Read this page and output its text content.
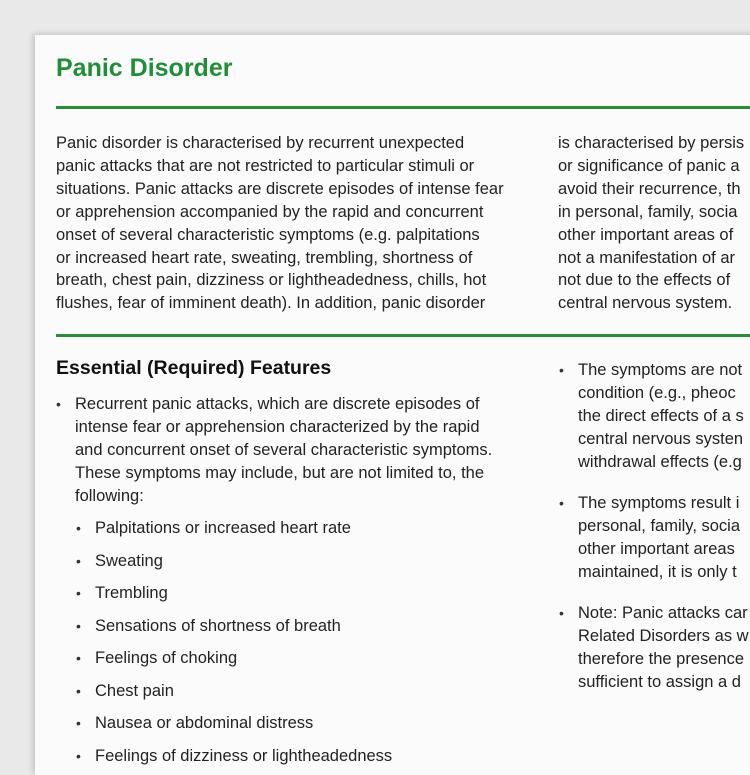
Panic Disorder

Panic disorder is characterised by recurrent unexpected
panic attacks that are not restricted to particular stimuli or
situations. Panic attacks are discrete episodes of intense fear
or apprehension accompanied by the rapid and concurrent
onset of several characteristic symptoms (e.g. palpitations
or increased heart rate, sweating, trembling, shortness of
breath, chest pain, dizziness or lightheadedness, chills, hot
flushes, fear of imminent death). In addition, panic disorder

is characterised by persis
or significance of panic a
avoid their recurrence, th
in personal, family, socia
other important areas of
not a manifestation of ar
not due to the effects of
central nervous system.

Essential (Required) Features
• Recurrent panic attacks, which are discrete episodes of
intense fear or apprehension characterized by the rapid
and concurrent onset of several characteristic symptoms.
These symptoms may include, but are not limited to, the
following:
• Palpitations or increased heart rate
• Sweating
• Trembling
• Sensations of shortness of breath
• Feelings of choking
• Chest pain
• Nausea or abdominal distress
• Feelings of dizziness or lightheadedness
• The symptoms are not
condition (e.g., pheoc
the direct effects of a s
central nervous systen
withdrawal effects (e.g
• The symptoms result i
personal, family, socia
other important areas
maintained, it is only t
• Note: Panic attacks car
Related Disorders as w
therefore the presence
sufficient to assign a d
